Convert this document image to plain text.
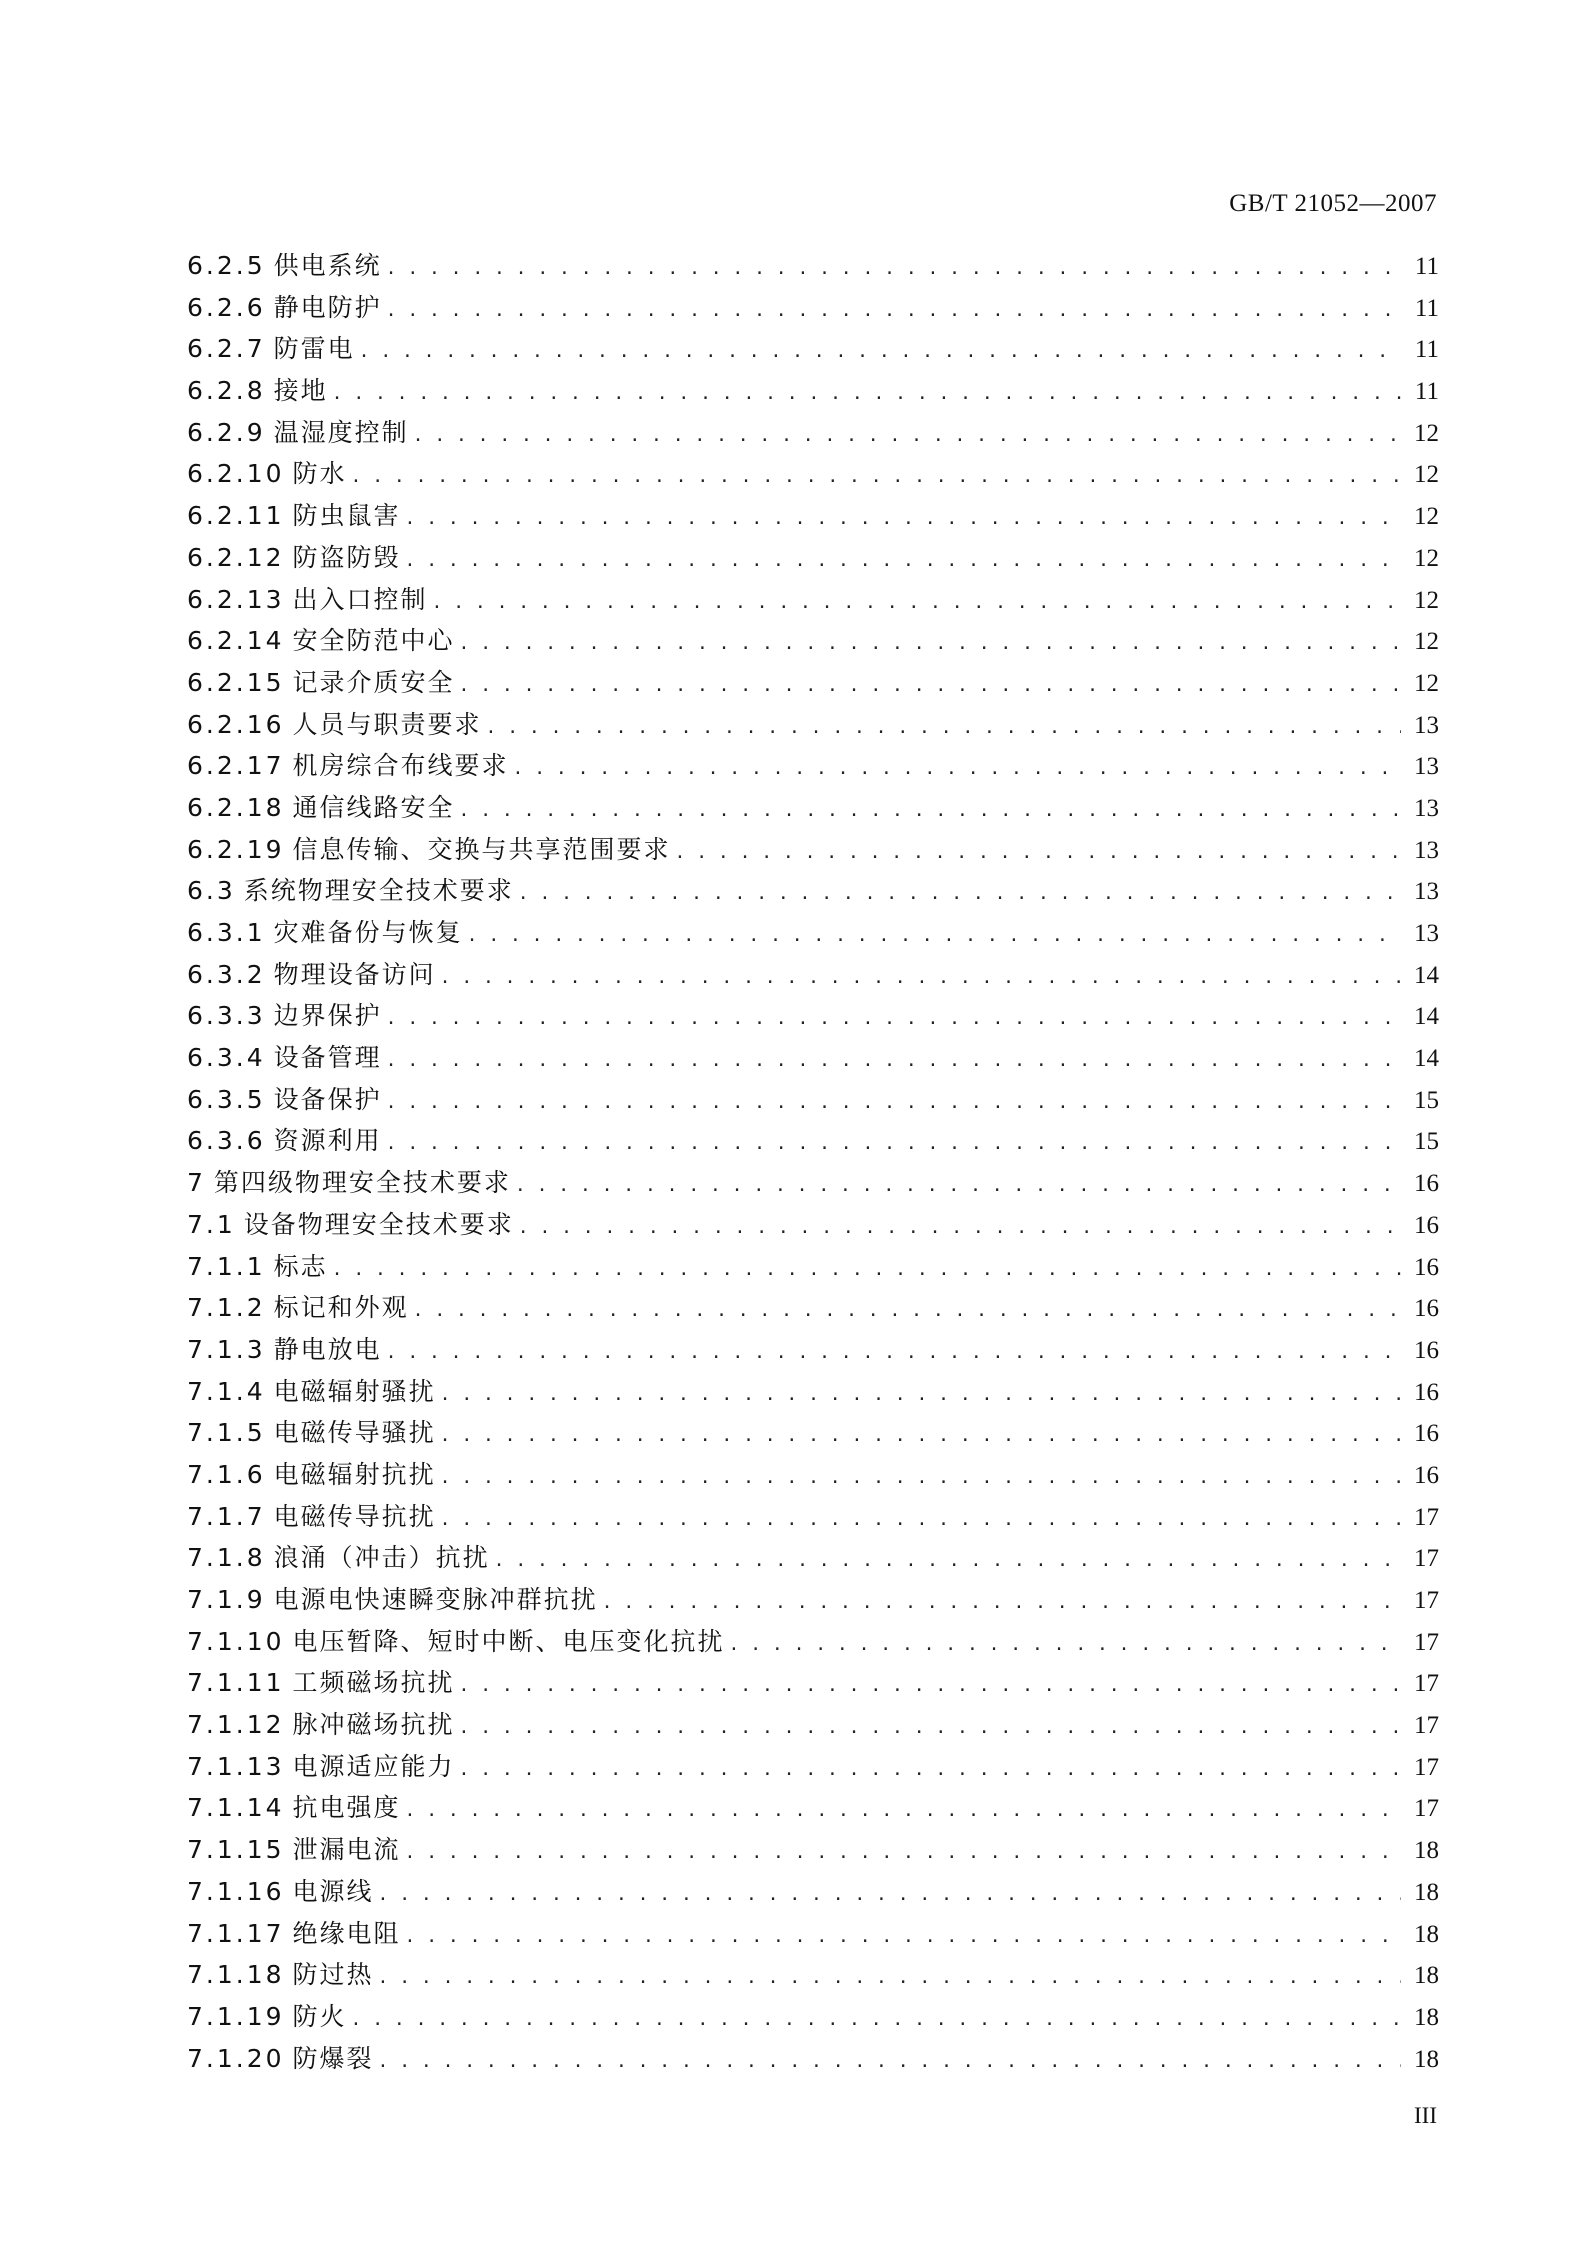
GB/T 21052—2007
6.2.5 供电系统 . . .	11
6.2.6 静电防护 . . .	11
6.2.7 防雷电 . . .	11
6.2.8 接地 . . .	11
6.2.9 温湿度控制 . . .	12
6.2.10 防水 . . .	12
6.2.11 防虫鼠害 . . .	12
6.2.12 防盗防毁 . . .	12
6.2.13 出入口控制 . . .	12
6.2.14 安全防范中心 . . .	12
6.2.15 记录介质安全 . . .	12
6.2.16 人员与职责要求 . . .	13
6.2.17 机房综合布线要求 . . .	13
6.2.18 通信线路安全 . . .	13
6.2.19 信息传输、交换与共享范围要求 . . .	13
6.3 系统物理安全技术要求 . . .	13
6.3.1 灾难备份与恢复 . . .	13
6.3.2 物理设备访问 . . .	14
6.3.3 边界保护 . . .	14
6.3.4 设备管理 . . .	14
6.3.5 设备保护 . . .	15
6.3.6 资源利用 . . .	15
7 第四级物理安全技术要求 . . .	16
7.1 设备物理安全技术要求 . . .	16
7.1.1 标志 . . .	16
7.1.2 标记和外观 . . .	16
7.1.3 静电放电 . . .	16
7.1.4 电磁辐射骚扰 . . .	16
7.1.5 电磁传导骚扰 . . .	16
7.1.6 电磁辐射抗扰 . . .	16
7.1.7 电磁传导抗扰 . . .	17
7.1.8 浪涌（冲击）抗扰 . . .	17
7.1.9 电源电快速瞬变脉冲群抗扰 . . .	17
7.1.10 电压暂降、短时中断、电压变化抗扰 . . .	17
7.1.11 工频磁场抗扰 . . .	17
7.1.12 脉冲磁场抗扰 . . .	17
7.1.13 电源适应能力 . . .	17
7.1.14 抗电强度 . . .	17
7.1.15 泄漏电流 . . .	18
7.1.16 电源线 . . .	18
7.1.17 绝缘电阻 . . .	18
7.1.18 防过热 . . .	18
7.1.19 防火 . . .	18
7.1.20 防爆裂 . . .	18
III
